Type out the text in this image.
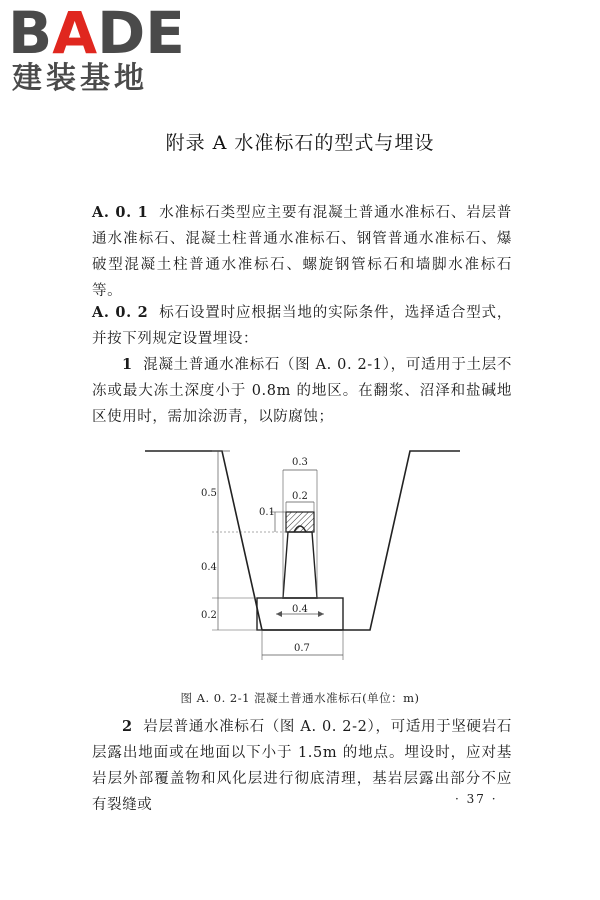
BADE
建装基地
附录 A 水准标石的型式与埋设
A. 0. 1 水准标石类型应主要有混凝土普通水准标石、岩层普通水准标石、混凝土柱普通水准标石、钢管普通水准标石、爆破型混凝土柱普通水准标石、螺旋钢管标石和墙脚水准标石等。
A. 0. 2 标石设置时应根据当地的实际条件，选择适合型式，并按下列规定设置埋设：
1 混凝土普通水准标石（图 A. 0. 2-1），可适用于土层不冻或最大冻土深度小于 0.8m 的地区。在翻浆、沼泽和盐碱地区使用时，需加涂沥青，以防腐蚀；
0.5
0.4
0.2
0.1
0.3
0.2
0.4
0.7
图 A. 0. 2-1 混凝土普通水准标石(单位：m)
2 岩层普通水准标石（图 A. 0. 2-2），可适用于坚硬岩石层露出地面或在地面以下小于 1.5m 的地点。埋设时，应对基岩层外部覆盖物和风化层进行彻底清理，基岩层露出部分不应有裂缝或	· 37 ·
